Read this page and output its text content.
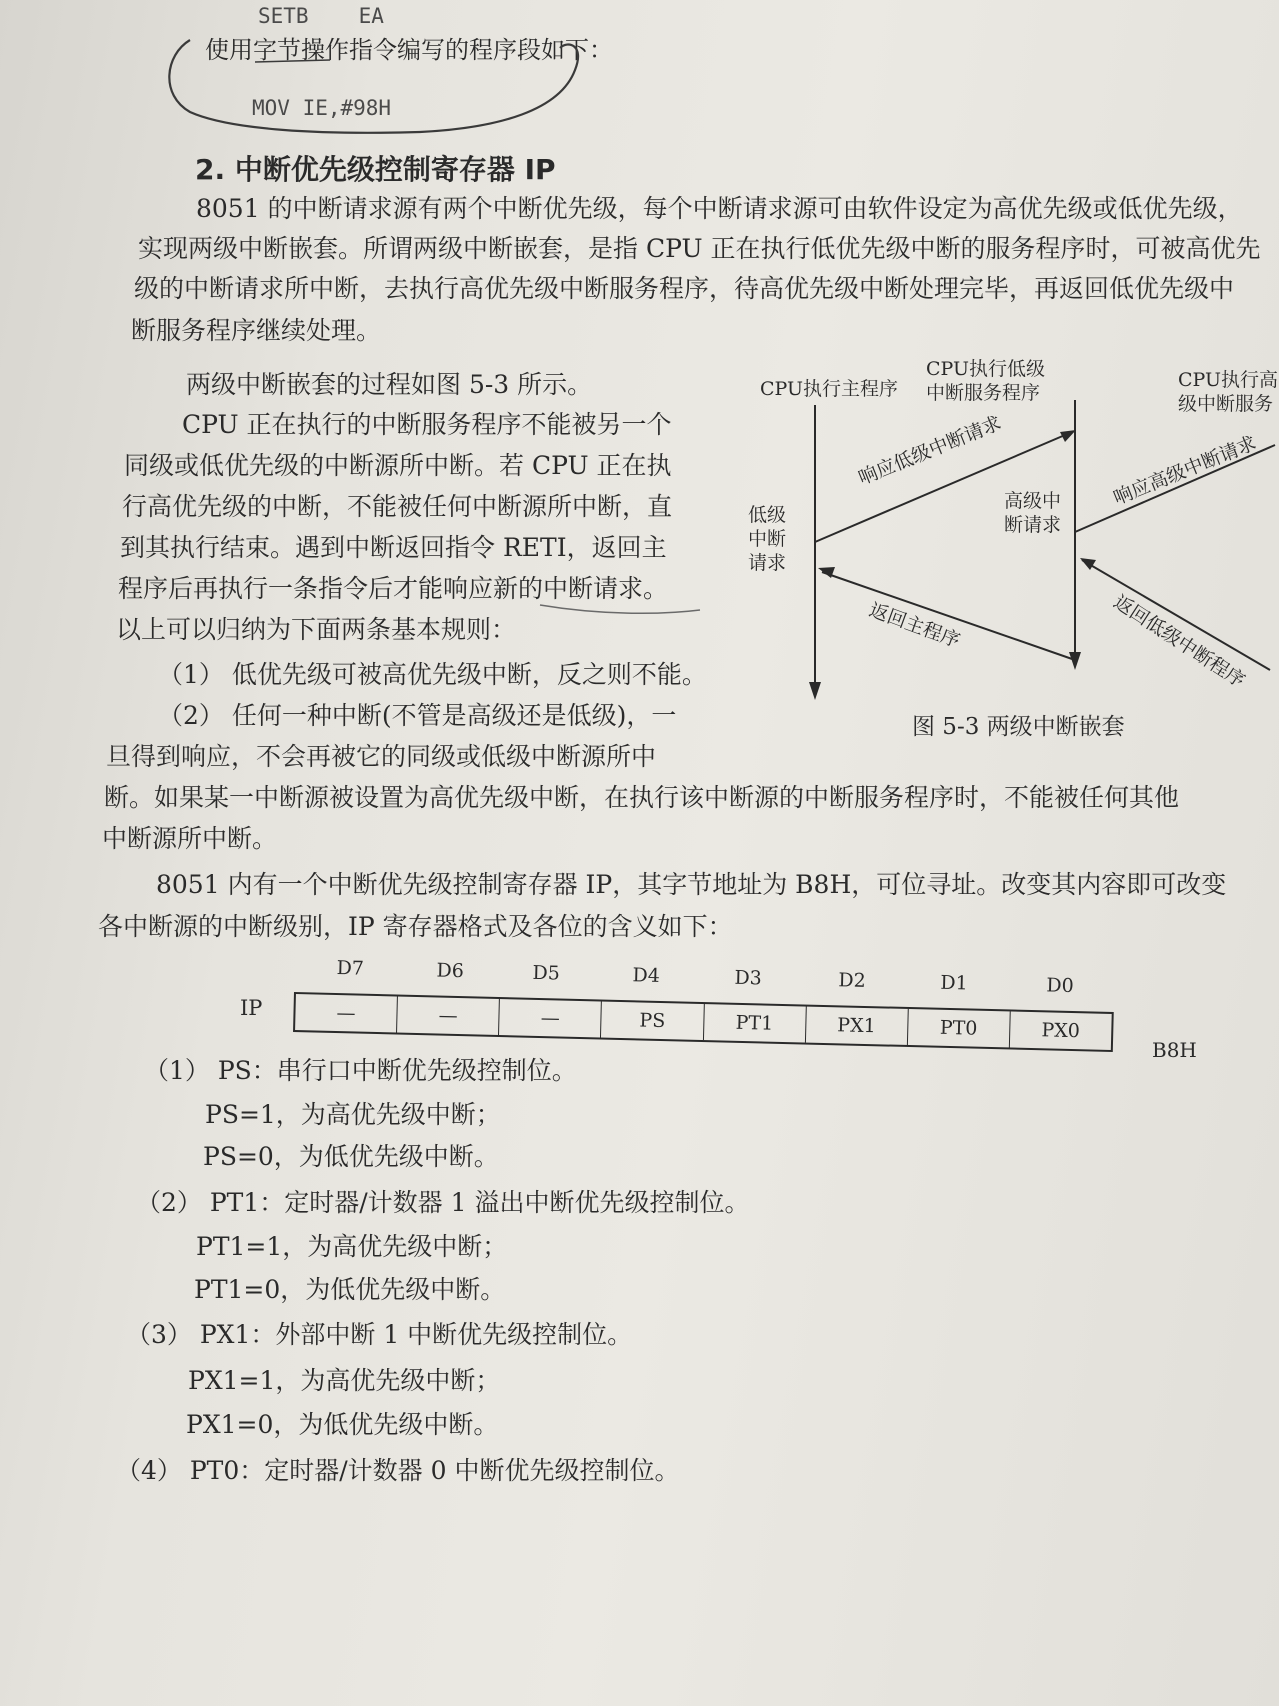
SETB EA
使用字节操作指令编写的程序段如下：
MOV IE,#98H
2. 中断优先级控制寄存器 IP
8051 的中断请求源有两个中断优先级，每个中断请求源可由软件设定为高优先级或低优先级，
实现两级中断嵌套。所谓两级中断嵌套，是指 CPU 正在执行低优先级中断的服务程序时，可被高优先
级的中断请求所中断，去执行高优先级中断服务程序，待高优先级中断处理完毕，再返回低优先级中
断服务程序继续处理。
两级中断嵌套的过程如图 5-3 所示。
CPU 正在执行的中断服务程序不能被另一个
同级或低优先级的中断源所中断。若 CPU 正在执
行高优先级的中断，不能被任何中断源所中断，直
到其执行结束。遇到中断返回指令 RETI，返回主
程序后再执行一条指令后才能响应新的中断请求。
以上可以归纳为下面两条基本规则：
（1） 低优先级可被高优先级中断，反之则不能。
（2） 任何一种中断(不管是高级还是低级)，一
旦得到响应，不会再被它的同级或低级中断源所中
断。如果某一中断源被设置为高优先级中断，在执行该中断源的中断服务程序时，不能被任何其他
中断源所中断。
CPU执行主程序
CPU执行低级中断服务程序
CPU执行高级中断服务
低级中断请求
高级中断请求
响应低级中断请求	响应高级中断请求
返回主程序	返回低级中断程序
图 5-3 两级中断嵌套
8051 内有一个中断优先级控制寄存器 IP，其字节地址为 B8H，可位寻址。改变其内容即可改变
各中断源的中断级别，IP 寄存器格式及各位的含义如下：
IP
D7	D6	D5	D4	D3	D2	D1	D0
—	—	—	PS	PT1	PX1	PT0	PX0
B8H
（1） PS：串行口中断优先级控制位。
PS=1，为高优先级中断；
PS=0，为低优先级中断。
（2） PT1：定时器/计数器 1 溢出中断优先级控制位。
PT1=1，为高优先级中断；
PT1=0，为低优先级中断。
（3） PX1：外部中断 1 中断优先级控制位。
PX1=1，为高优先级中断；
PX1=0，为低优先级中断。
（4） PT0：定时器/计数器 0 中断优先级控制位。
